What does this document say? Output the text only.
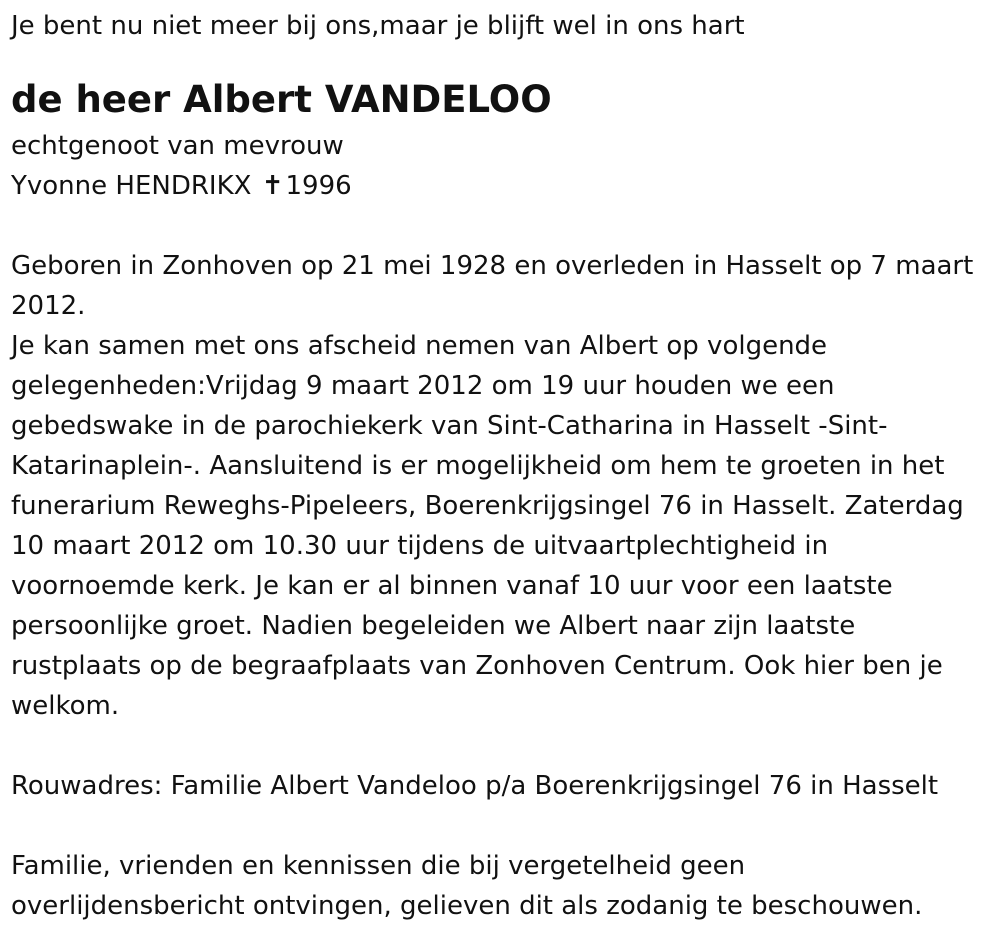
Je bent nu niet meer bij ons,maar je blijft wel in ons hart

de heer Albert VANDELOO

echtgenoot van mevrouw

Yvonne HENDRIKX ✝1996

Geboren in Zonhoven op 21 mei 1928 en overleden in Hasselt op 7 maart 2012.

Je kan samen met ons afscheid nemen van Albert op volgende gelegenheden:Vrijdag 9 maart 2012 om 19 uur houden we een gebedswake in de parochiekerk van Sint-Catharina in Hasselt -Sint-Katarinaplein-. Aansluitend is er mogelijkheid om hem te groeten in het funerarium Reweghs-Pipeleers, Boerenkrijgsingel 76 in Hasselt. Zaterdag 10 maart 2012 om 10.30 uur tijdens de uitvaartplechtigheid in voornoemde kerk. Je kan er al binnen vanaf 10 uur voor een laatste persoonlijke groet. Nadien begeleiden we Albert naar zijn laatste rustplaats op de begraafplaats van Zonhoven Centrum. Ook hier ben je welkom.

Rouwadres: Familie Albert Vandeloo p/a Boerenkrijgsingel 76 in Hasselt

Familie, vrienden en kennissen die bij vergetelheid geen overlijdensbericht ontvingen, gelieven dit als zodanig te beschouwen.
